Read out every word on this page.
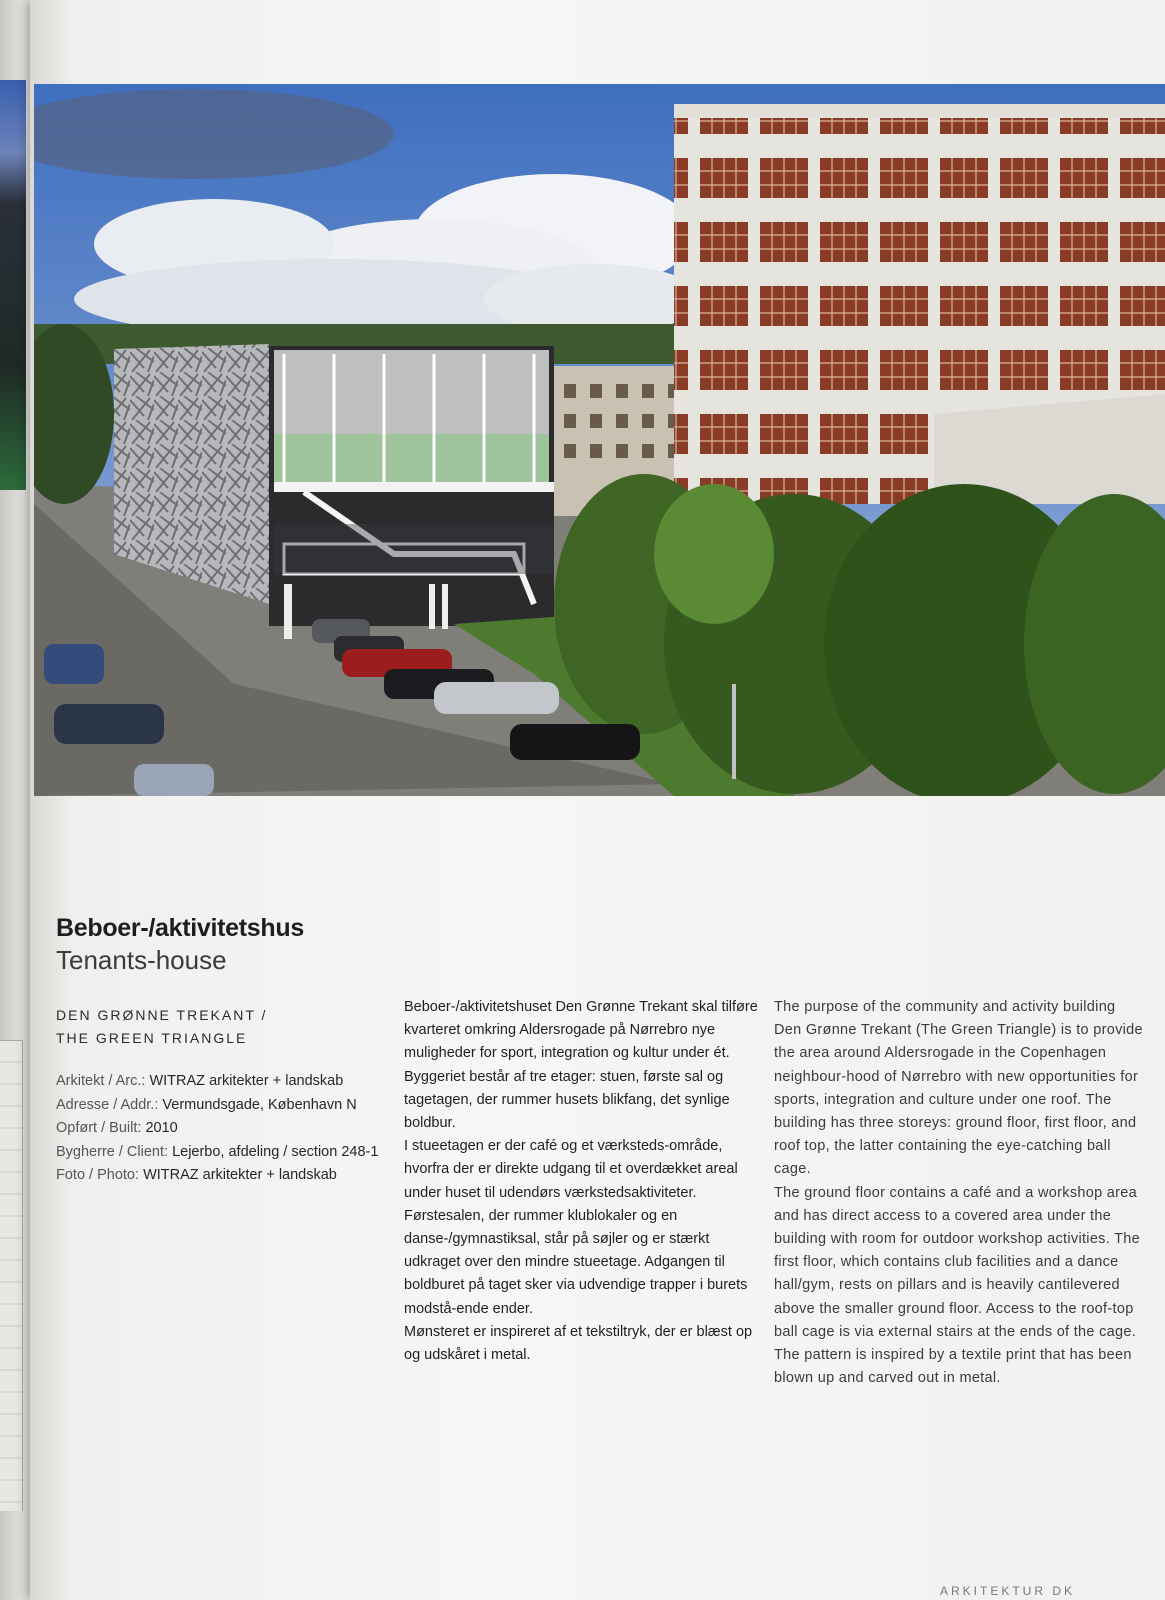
Beboer-/aktivitetshus
Tenants-house
DEN GRØNNE TREKANT /
THE GREEN TRIANGLE
Arkitekt / Arc.: WITRAZ arkitekter + landskab
Adresse / Addr.: Vermundsgade, København N
Opført / Built: 2010
Bygherre / Client: Lejerbo, afdeling / section 248-1
Foto / Photo: WITRAZ arkitekter + landskab

Beboer-/aktivitetshuset Den Grønne Trekant skal tilføre kvarteret omkring Aldersrogade på Nørrebro nye muligheder for sport, integration og kultur under ét. Byggeriet består af tre etager: stuen, første sal og tagetagen, der rummer husets blikfang, det synlige boldbur.

I stueetagen er der café og et værksteds-område, hvorfra der er direkte udgang til et overdækket areal under huset til udendørs værkstedsaktiviteter. Førstesalen, der rummer klublokaler og en danse-/gymnastiksal, står på søjler og er stærkt udkraget over den mindre stueetage. Adgangen til boldburet på taget sker via udvendige trapper i burets modstå-ende ender.

Mønsteret er inspireret af et tekstiltryk, der er blæst op og udskåret i metal.

The purpose of the community and activity building Den Grønne Trekant (The Green Triangle) is to provide the area around Aldersrogade in the Copenhagen neighbour-hood of Nørrebro with new opportunities for sports, integration and culture under one roof. The building has three storeys: ground floor, first floor, and roof top, the latter containing the eye-catching ball cage.

The ground floor contains a café and a workshop area and has direct access to a covered area under the building with room for outdoor workshop activities. The first floor, which contains club facilities and a dance hall/gym, rests on pillars and is heavily cantilevered above the smaller ground floor. Access to the roof-top ball cage is via external stairs at the ends of the cage.

The pattern is inspired by a textile print that has been blown up and carved out in metal.

ARKITEKTUR DK
